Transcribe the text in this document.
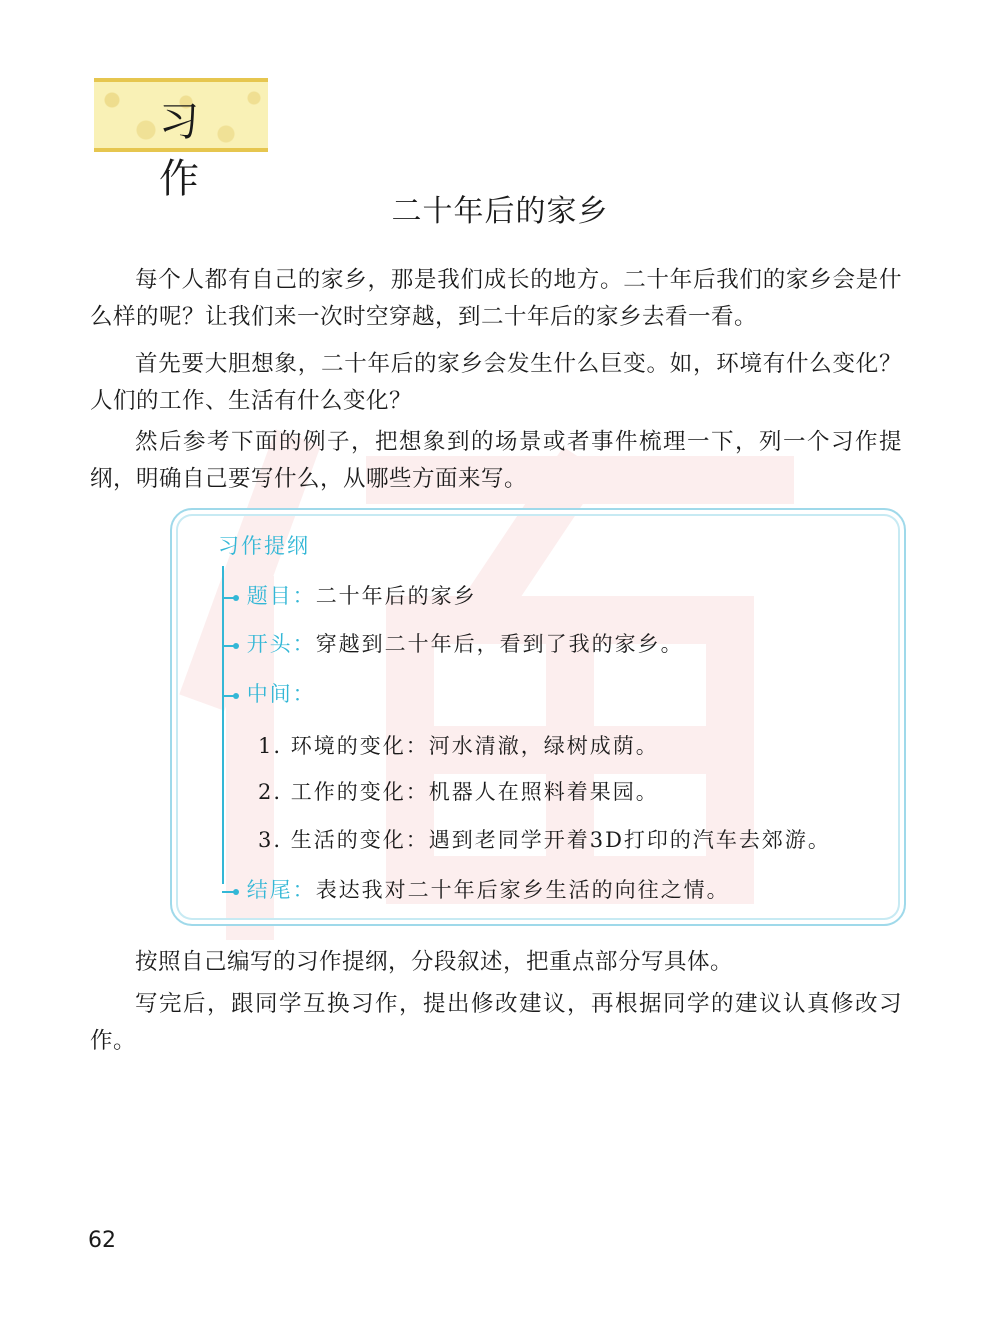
习 作
二十年后的家乡
每个人都有自己的家乡，那是我们成长的地方。二十年后我们的家乡会是什么样的呢？让我们来一次时空穿越，到二十年后的家乡去看一看。
首先要大胆想象，二十年后的家乡会发生什么巨变。如，环境有什么变化？人们的工作、生活有什么变化？
然后参考下面的例子，把想象到的场景或者事件梳理一下，列一个习作提纲，明确自己要写什么，从哪些方面来写。
习作提纲
题目：二十年后的家乡
开头：穿越到二十年后，看到了我的家乡。
中间：
1. 环境的变化：河水清澈，绿树成荫。
2. 工作的变化：机器人在照料着果园。
3. 生活的变化：遇到老同学开着3D打印的汽车去郊游。
结尾：表达我对二十年后家乡生活的向往之情。
按照自己编写的习作提纲，分段叙述，把重点部分写具体。
写完后，跟同学互换习作，提出修改建议，再根据同学的建议认真修改习作。
62
